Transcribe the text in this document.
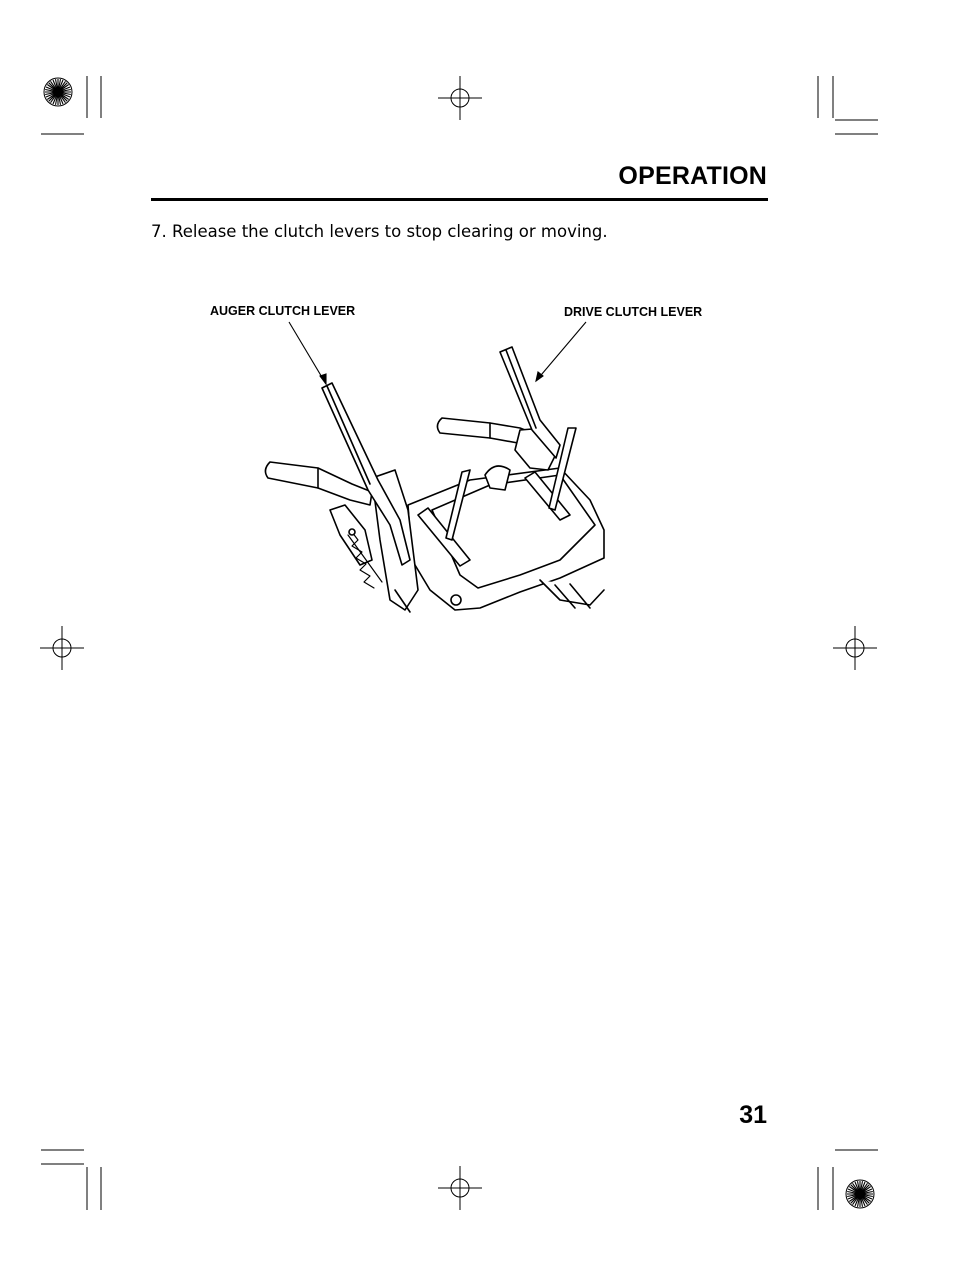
OPERATION

7. Release the clutch levers to stop clearing or moving.

AUGER CLUTCH LEVER	DRIVE CLUTCH LEVER

31
